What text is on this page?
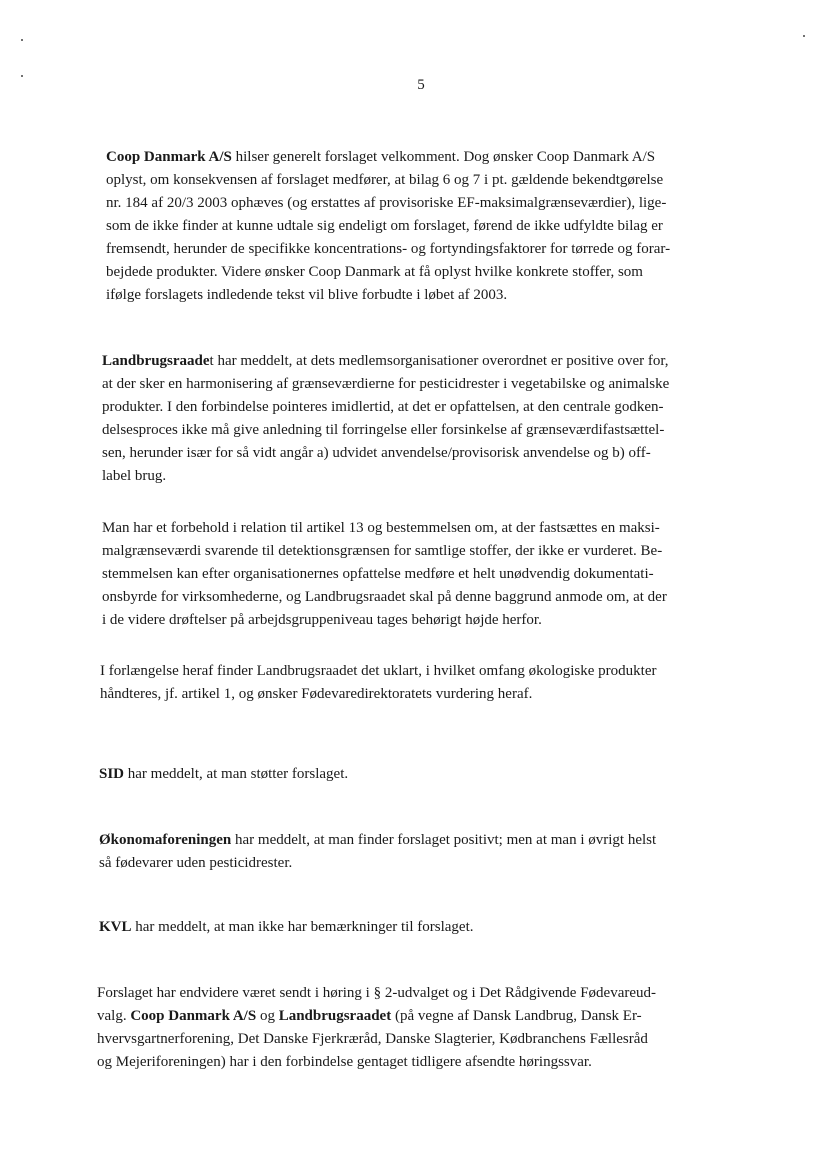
5
Coop Danmark A/S hilser generelt forslaget velkomment. Dog ønsker Coop Danmark A/S
oplyst, om konsekvensen af forslaget medfører, at bilag 6 og 7 i pt. gældende bekendtgørelse
nr. 184 af 20/3 2003 ophæves (og erstattes af provisoriske EF-maksimalgrænseværdier), lige-
som de ikke finder at kunne udtale sig endeligt om forslaget, førend de ikke udfyldte bilag er
fremsendt, herunder de specifikke koncentrations- og fortyndingsfaktorer for tørrede og forar-
bejdede produkter. Videre ønsker Coop Danmark at få oplyst hvilke konkrete stoffer, som
ifølge forslagets indledende tekst vil blive forbudte i løbet af 2003.
Landbrugsraadet har meddelt, at dets medlemsorganisationer overordnet er positive over for,
at der sker en harmonisering af grænseværdierne for pesticidrester i vegetabilske og animalske
produkter. I den forbindelse pointeres imidlertid, at det er opfattelsen, at den centrale godken-
delsesproces ikke må give anledning til forringelse eller forsinkelse af grænseværdifastsættel-
sen, herunder især for så vidt angår a) udvidet anvendelse/provisorisk anvendelse og b) off-
label brug.
Man har et forbehold i relation til artikel 13 og bestemmelsen om, at der fastsættes en maksi-
malgrænseværdi svarende til detektionsgrænsen for samtlige stoffer, der ikke er vurderet. Be-
stemmelsen kan efter organisationernes opfattelse medføre et helt unødvendig dokumentati-
onsbyrde for virksomhederne, og Landbrugsraadet skal på denne baggrund anmode om, at der
i de videre drøftelser på arbejdsgruppeniveau tages behørigt højde herfor.
I forlængelse heraf finder Landbrugsraadet det uklart, i hvilket omfang økologiske produkter
håndteres, jf. artikel 1, og ønsker Fødevaredirektoratets vurdering heraf.
SID har meddelt, at man støtter forslaget.
Økonomaforeningen har meddelt, at man finder forslaget positivt; men at man i øvrigt helst
så fødevarer uden pesticidrester.
KVL har meddelt, at man ikke har bemærkninger til forslaget.
Forslaget har endvidere været sendt i høring i § 2-udvalget og i Det Rådgivende Fødevareud-
valg. Coop Danmark A/S og Landbrugsraadet (på vegne af Dansk Landbrug, Dansk Er-
hvervsgartnerforening, Det Danske Fjerkræråd, Danske Slagterier, Kødbranchens Fællesråd
og Mejeriforeningen) har i den forbindelse gentaget tidligere afsendte høringssvar.
